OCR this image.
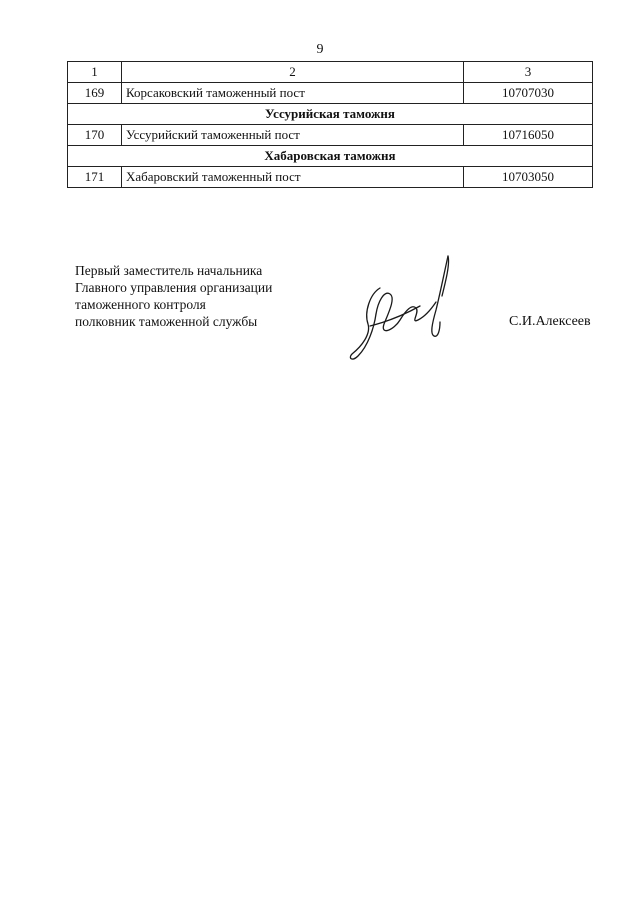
9
1	2	3
169	Корсаковский таможенный пост	10707030
Уссурийская таможня		
170	Уссурийский таможенный пост	10716050
Хабаровская таможня		
171	Хабаровский таможенный пост	10703050
Первый заместитель начальника
Главного управления организации
таможенного контроля
полковник таможенной службы	С.И.Алексеев
